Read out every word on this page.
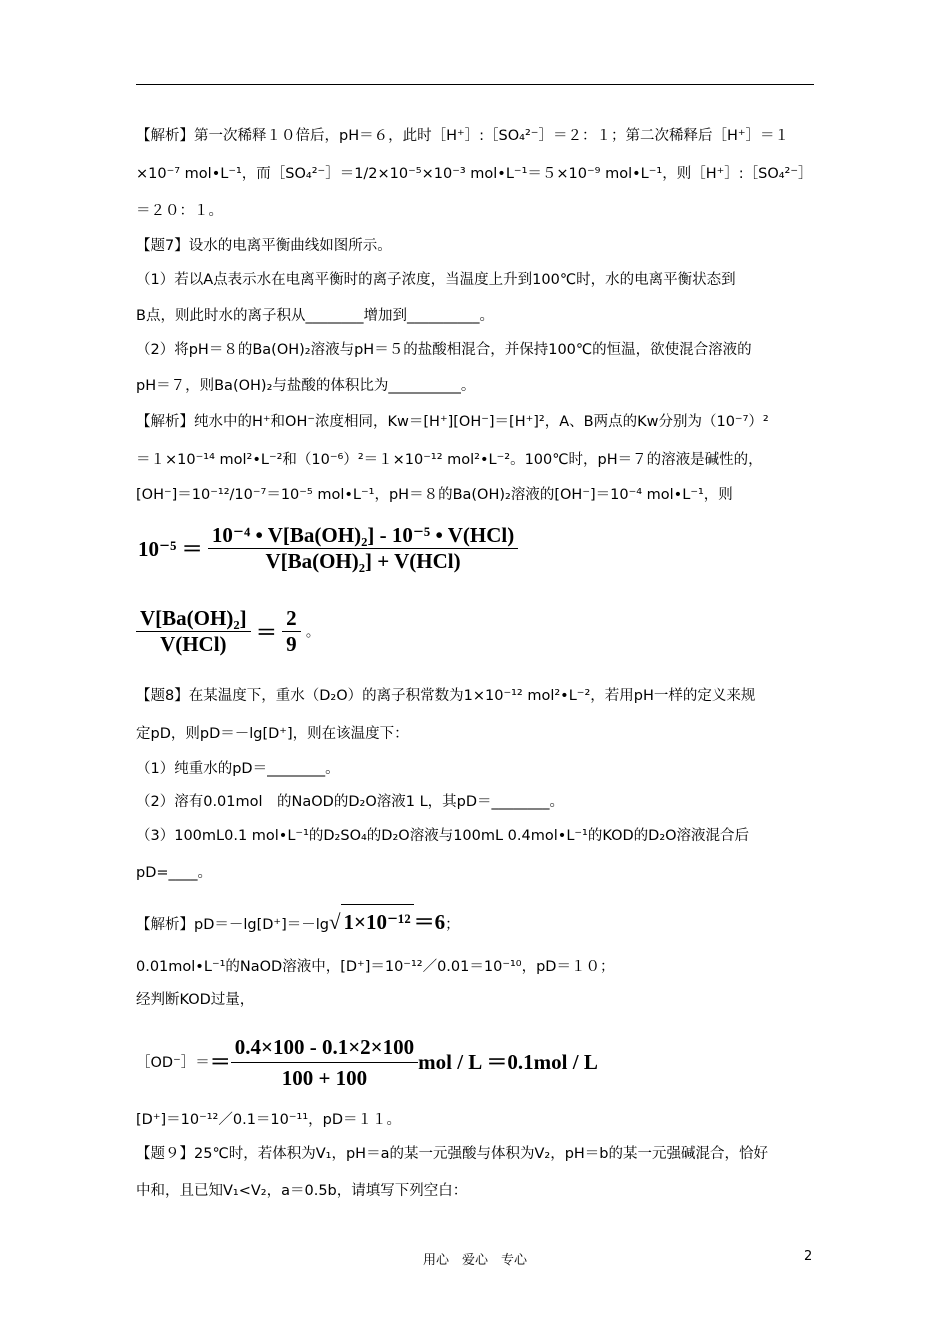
【解析】第一次稀释１０倍后，pH＝６，此时［H⁺］:［SO₄²⁻］＝２：１；第二次稀释后［H⁺］＝１
×10⁻⁷ mol•L⁻¹，而［SO₄²⁻］＝1/2×10⁻⁵×10⁻³ mol•L⁻¹＝５×10⁻⁹ mol•L⁻¹，则［H⁺］:［SO₄²⁻］
＝２０：１。
【题7】设水的电离平衡曲线如图所示。
（1）若以A点表示水在电离平衡时的离子浓度，当温度上升到100℃时，水的电离平衡状态到
B点，则此时水的离子积从________增加到__________。
（2）将pH＝８的Ba(OH)₂溶液与pH＝５的盐酸相混合，并保持100℃的恒温，欲使混合溶液的
pH＝７，则Ba(OH)₂与盐酸的体积比为__________。
【解析】纯水中的H⁺和OH⁻浓度相同，Kw＝[H⁺][OH⁻]＝[H⁺]²，A、B两点的Kw分别为（10⁻⁷）²
＝１×10⁻¹⁴ mol²•L⁻²和（10⁻⁶）²＝１×10⁻¹² mol²•L⁻²。100℃时，pH＝７的溶液是碱性的，
[OH⁻]＝10⁻¹²/10⁻⁷＝10⁻⁵ mol•L⁻¹，pH＝８的Ba(OH)₂溶液的[OH⁻]＝10⁻⁴ mol•L⁻¹，则
$10^{-5} = \frac{\text{10⁻⁴ • V[Ba(OH)₂] - 10⁻⁵ • V(HCl)}}{\text{V[Ba(OH)₂] + V(HCl)}}$
$\frac{\text{V[Ba(OH)₂]}}{\text{V(HCl)}} = \frac{2}{9}$ 。
【题8】在某温度下，重水（D₂O）的离子积常数为1×10⁻¹² mol²•L⁻²，若用pH一样的定义来规
定pD，则pD＝－lg[D⁺]，则在该温度下：
（1）纯重水的pD＝________。
（2）溶有0.01mol　的NaOD的D₂O溶液1 L，其pD＝________。
（3）100mL0.1 mol•L⁻¹的D₂SO₄的D₂O溶液与100mL 0.4mol•L⁻¹的KOD的D₂O溶液混合后
pD=____。
【解析】pD＝－lg[D⁺]＝－lg√ 1×10⁻¹² ＝6；
0.01mol•L⁻¹的NaOD溶液中，[D⁺]＝10⁻¹²／0.01＝10⁻¹⁰，pD＝１０；
经判断KOD过量，
［OD⁻］＝＝ $\frac{0.4\times 100 - 0.1\times 2\times 100}{100 + 100}$ mol / L ＝0.1mol / L
[D⁺]＝10⁻¹²／0.1＝10⁻¹¹，pD＝１１。
【题９】25℃时，若体积为V₁，pH＝a的某一元强酸与体积为V₂，pH＝b的某一元强碱混合，恰好
中和，且已知V₁<V₂，a＝0.5b，请填写下列空白：
用心　爱心　专心	2
